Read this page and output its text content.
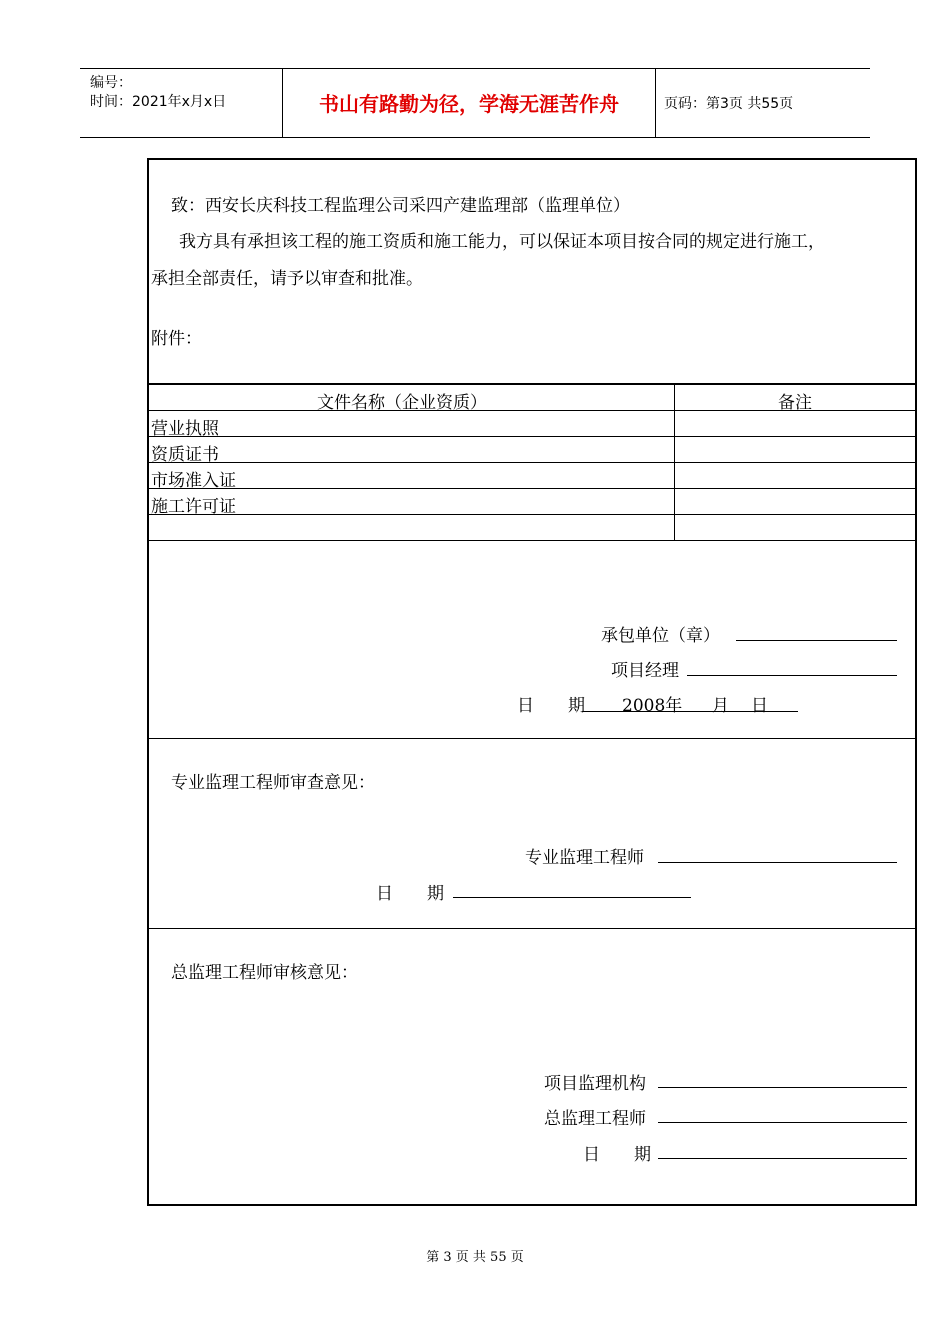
编号：
时间：2021年x月x日	书山有路勤为径，学海无涯苦作舟	页码：第3页 共55页
致：西安长庆科技工程监理公司采四产建监理部（监理单位）
我方具有承担该工程的施工资质和施工能力，可以保证本项目按合同的规定进行施工，
承担全部责任，请予以审查和批准。
附件：
文件名称（企业资质）	备注
营业执照
资质证书
市场准入证
施工许可证
承包单位（章）
项目经理
日　　期 2008年 月 日
专业监理工程师审查意见：
专业监理工程师
日　　期
总监理工程师审核意见：
项目监理机构
总监理工程师
日　　期
第 3 页 共 55 页
